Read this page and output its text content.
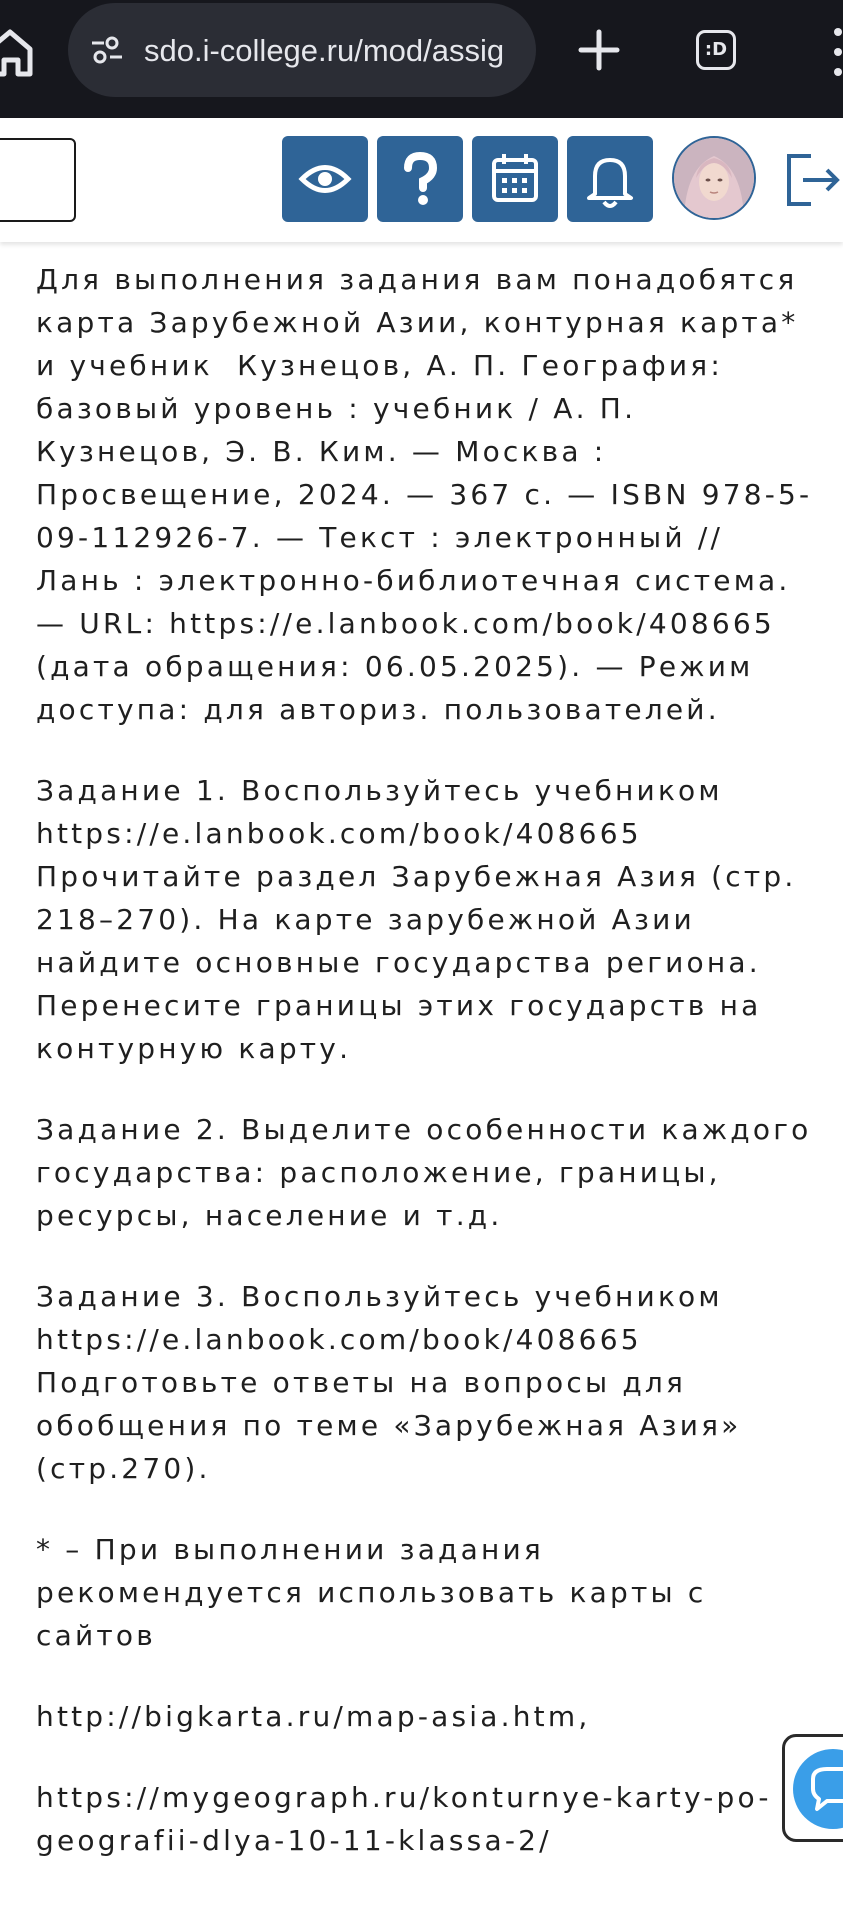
sdo.i-college.ru/mod/assig	:D

Для выполнения задания вам понадобятся
карта Зарубежной Азии, контурная карта*
и учебник  Кузнецов, А. П. География:
базовый уровень : учебник / А. П.
Кузнецов, Э. В. Ким. — Москва :
Просвещение, 2024. — 367 с. — ISBN 978-5-
09-112926-7. — Текст : электронный //
Лань : электронно-библиотечная система.
— URL: https://e.lanbook.com/book/408665
(дата обращения: 06.05.2025). — Режим
доступа: для авториз. пользователей.

Задание 1. Воспользуйтесь учебником
https://e.lanbook.com/book/408665
Прочитайте раздел Зарубежная Азия (стр.
218–270). На карте зарубежной Азии
найдите основные государства региона.
Перенесите границы этих государств на
контурную карту.

Задание 2. Выделите особенности каждого
государства: расположение, границы,
ресурсы, население и т.д.

Задание 3. Воспользуйтесь учебником
https://e.lanbook.com/book/408665
Подготовьте ответы на вопросы для
обобщения по теме «Зарубежная Азия»
(стр.270).

* – При выполнении задания
рекомендуется использовать карты с
сайтов

http://bigkarta.ru/map-asia.htm,

https://mygeograph.ru/konturnye-karty-po-
geografii-dlya-10-11-klassa-2/
